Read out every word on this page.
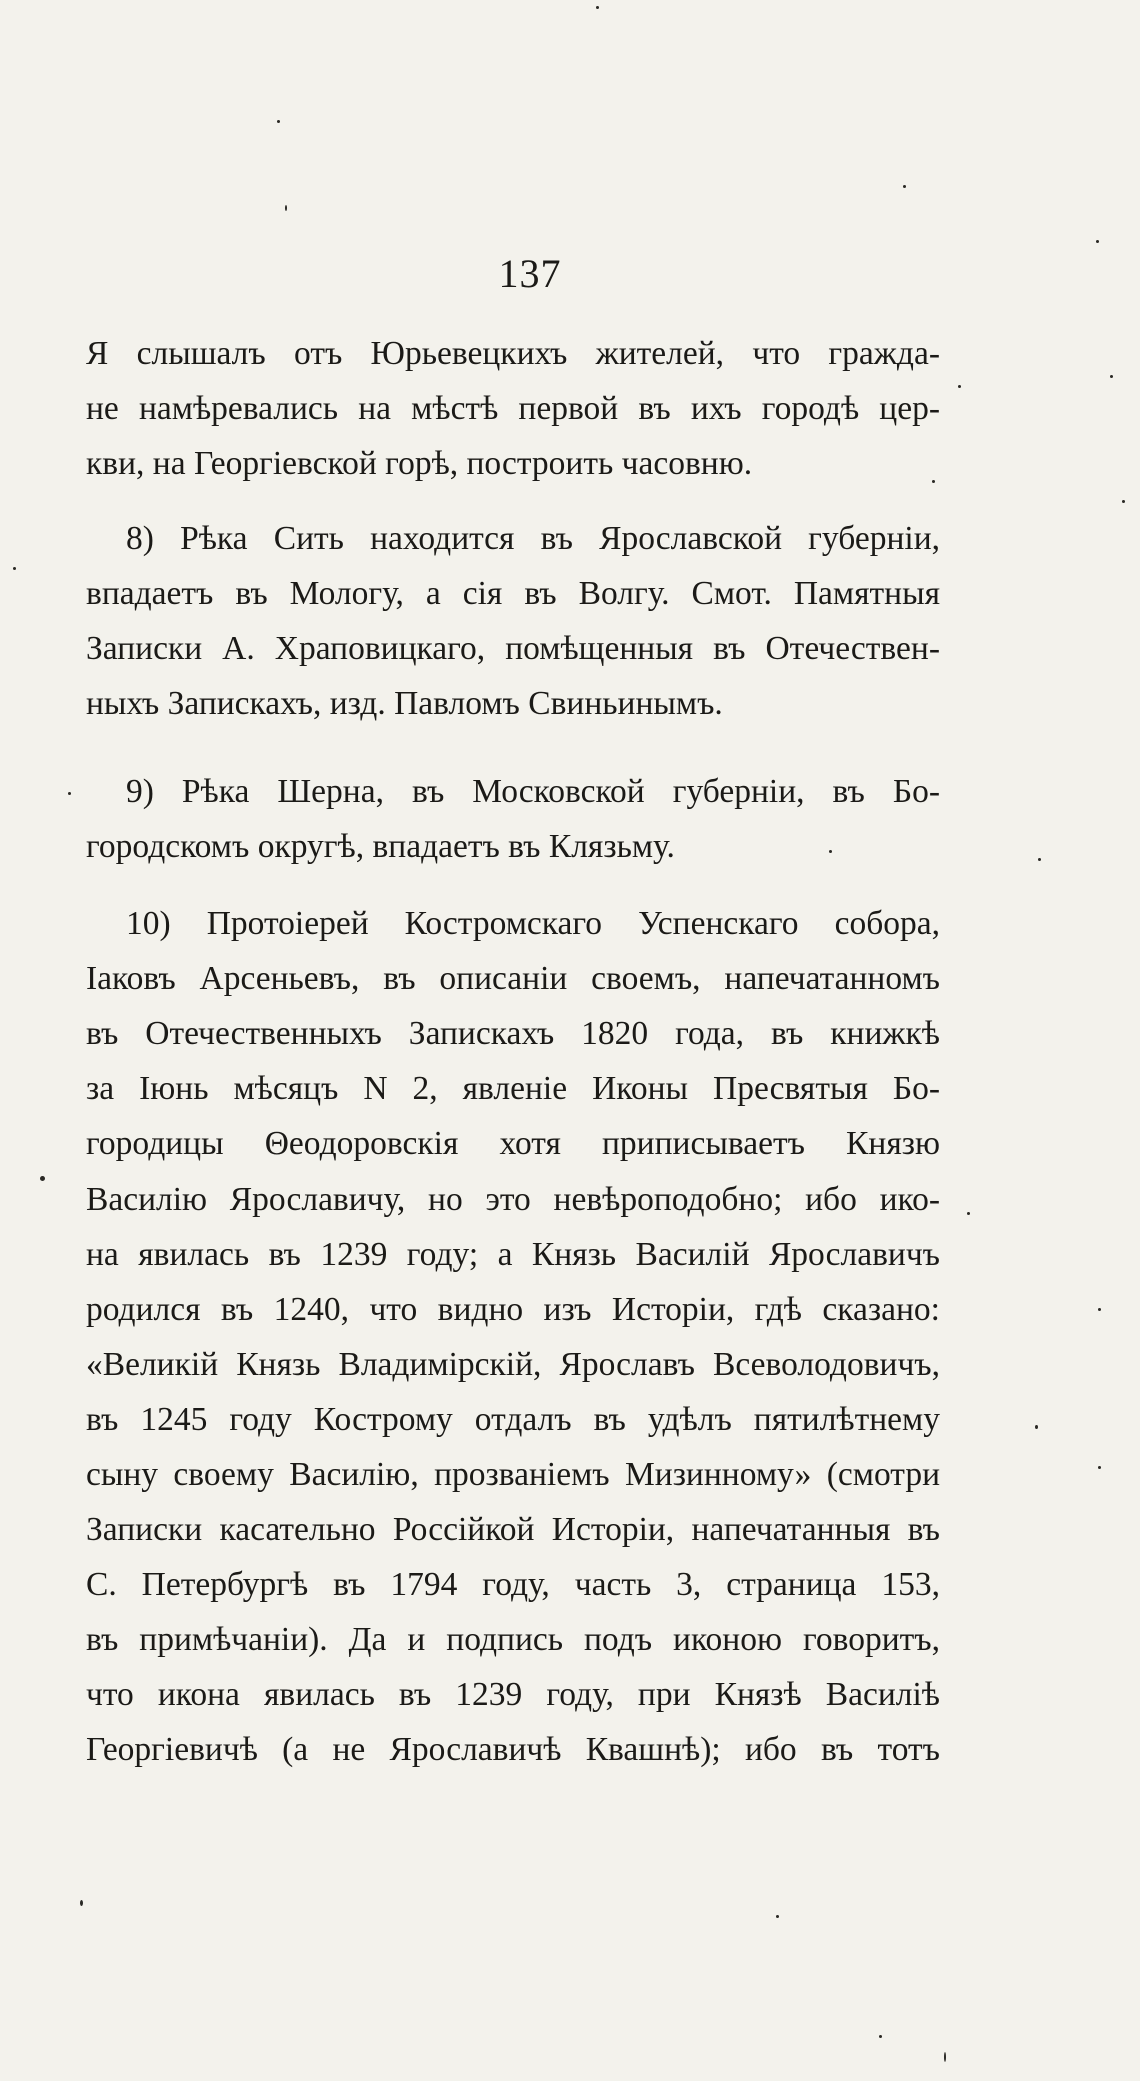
137
Я слышалъ отъ Юрьевецкихъ жителей, что гражда-
не намѣревались на мѣстѣ первой въ ихъ городѣ цер-
кви, на Георгіевской горѣ, построить часовню.
8) Рѣка Сить находится въ Ярославской губерніи,
впадаетъ въ Мологу, а сія въ Волгу. Смот. Памятныя
Записки А. Храповицкаго, помѣщенныя въ Отечествен-
ныхъ Запискахъ, изд. Павломъ Свиньинымъ.
9) Рѣка Шерна, въ Московской губерніи, въ Бо-
городскомъ округѣ, впадаетъ въ Клязьму.
10) Протоіерей Костромскаго Успенскаго собора,
Іаковъ Арсеньевъ, въ описаніи своемъ, напечатанномъ
въ Отечественныхъ Запискахъ 1820 года, въ книжкѣ
за Іюнь мѣсяцъ N 2, явленіе Иконы Пресвятыя Бо-
городицы Θеодоровскія хотя приписываетъ Князю
Василію Ярославичу, но это невѣроподобно; ибо ико-
на явилась въ 1239 году; а Князь Василій Ярославичъ
родился въ 1240, что видно изъ Исторіи, гдѣ сказано:
«Великій Князь Владимірскій, Ярославъ Всеволодовичъ,
въ 1245 году Кострому отдалъ въ удѣлъ пятилѣтнему
сыну своему Василію, прозваніемъ Мизинному» (смотри
Записки касательно Россійкой Исторіи, напечатанныя въ
С. Петербургѣ въ 1794 году, часть 3, страница 153,
въ примѣчаніи). Да и подпись подъ иконою говоритъ,
что икона явилась въ 1239 году, при Князѣ Василіѣ
Георгіевичѣ (а не Ярославичѣ Квашнѣ); ибо въ тотъ
